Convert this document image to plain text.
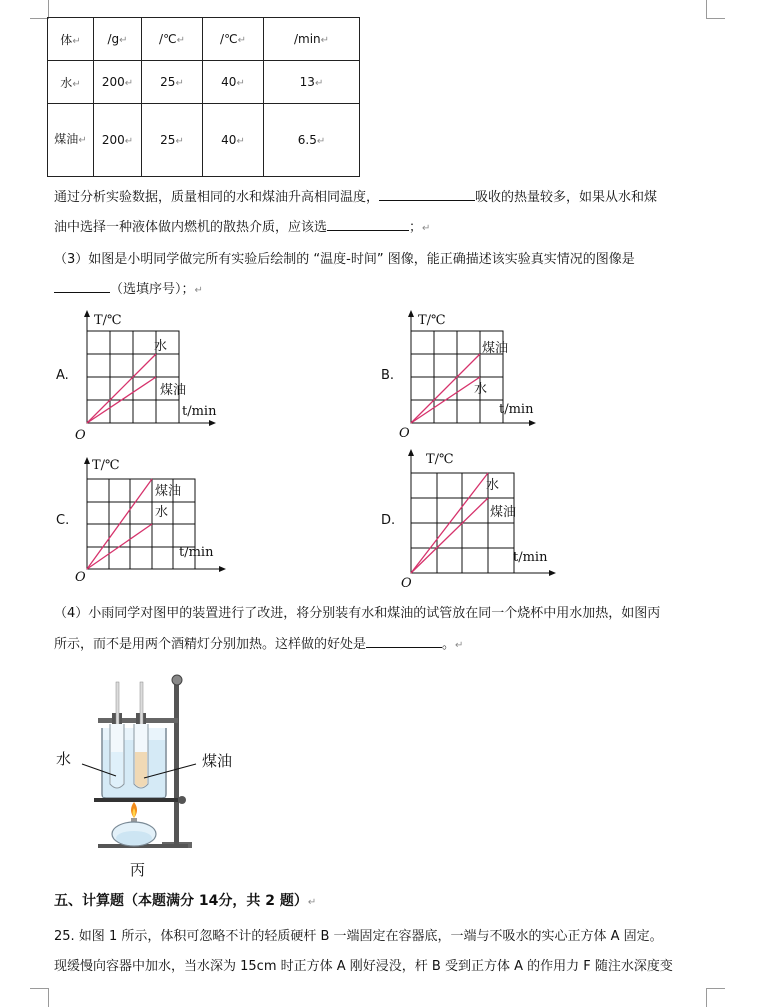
体↵	/g↵	/℃↵	/℃↵	/min↵
水↵	200↵	25↵	40↵	13↵
煤油↵	200↵	25↵	40↵	6.5↵
通过分析实验数据，质量相同的水和煤油升高相同温度，	吸收的热量较多，如果从水和煤
油中选择一种液体做内燃机的散热介质，应该选	；↵
（3）如图是小明同学做完所有实验后绘制的 “温度-时间” 图像，能正确描述该实验真实情况的图像是
（选填序号）；↵
A.	B.
C.	D.
T/℃
t/min
O
水
煤油
T/℃
t/min
O
煤油
水
T/℃
t/min
O
煤油
水
T/℃
t/min
O
水
煤油
（4）小雨同学对图甲的装置进行了改进，将分别装有水和煤油的试管放在同一个烧杯中用水加热，如图丙
所示，而不是用两个酒精灯分别加热。这样做的好处是	。↵
水	煤油
丙
五、计算题（本题满分 14分，共 2 题）↵
25. 如图 1 所示，体积可忽略不计的轻质硬杆 B 一端固定在容器底，一端与不吸水的实心正方体 A 固定。
现缓慢向容器中加水，当水深为 15cm 时正方体 A 刚好浸没，杆 B 受到正方体 A 的作用力 F 随注水深度变
